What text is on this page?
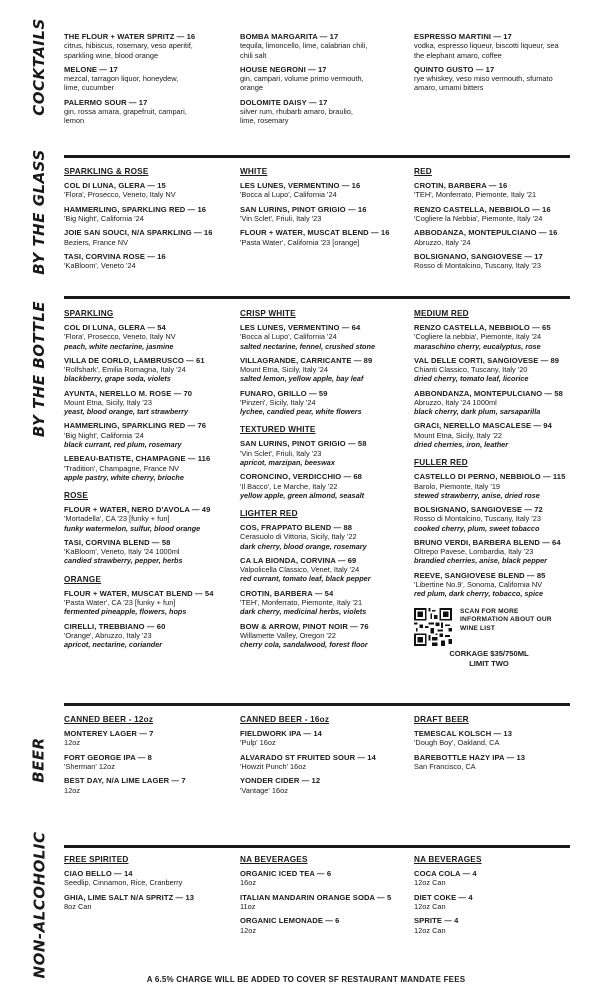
COCKTAILS THE FLOUR + WATER SPRITZ — 16
citrus, hibiscus, rosemary, veso aperitif,
sparkling wine, blood orange
MELONE — 17
mezcal, tarragon liquor, honeydew,
lime, cucumber
PALERMO SOUR — 17
gin, rossa amara, grapefruit, campari,
lemon
BOMBA MARGARITA — 17
tequila, limoncello, lime, calabrian chili,
chili salt
HOUSE NEGRONI — 17
gin, campari, volume primo vermouth,
orange
DOLOMITE DAISY — 17
silver rum, rhubarb amaro, braulio,
lime, rosemary
ESPRESSO MARTINI — 17
vodka, espresso liqueur, biscotti liqueur, sea
the elephant amaro, coffee
QUINTO GUSTO — 17
rye whiskey, veso miso vermouth, sfumato
amaro, umami bitters
BY THE GLASS SPARKLING & ROSE
COL DI LUNA, GLERA — 15
'Flora', Prosecco, Veneto, Italy NV
HAMMERLING, SPARKLING RED — 16
'Big Night', California '24
JOIE SAN SOUCI, N/A SPARKLING — 16
Beziers, France NV
TASI, CORVINA ROSE — 16
'KaBloom', Veneto '24
WHITE
LES LUNES, VERMENTINO — 16
'Bocca al Lupo', California '24
SAN LURINS, PINOT GRIGIO — 16
'Vin Sclet', Friuli, Italy '23
FLOUR + WATER, MUSCAT BLEND — 16
'Pasta Water', California '23 [orange]
RED
CROTIN, BARBERA — 16
'TEH', Monferrato, Piemonte, Italy '21
RENZO CASTELLA, NEBBIOLO — 16
'Cogliere la Nebbia', Piemonte, Italy '24
ABBODANZA, MONTEPULCIANO — 16
Abruzzo, Italy '24
BOLSIGNANO, SANGIOVESE — 17
Rosso di Montalcino, Tuscany, Italy '23
BY THE BOTTLE SPARKLING
COL DI LUNA, GLERA — 54
'Flora', Prosecco, Veneto, Italy NV
peach, white nectarine, jasmine
VILLA DE CORLO, LAMBRUSCO — 61
'Rolfshark', Emilia Romagna, Italy '24
blackberry, grape soda, violets
AYUNTA, NERELLO M. ROSE — 70
Mount Etna, Sicily, Italy '23
yeast, blood orange, tart strawberry
HAMMERLING, SPARKLING RED — 76
'Big Night', California '24
black currant, red plum, rosemary
LEBEAU-BATISTE, CHAMPAGNE — 116
'Tradition', Champagne, France NV
apple pastry, white cherry, brioche
ROSE
FLOUR + WATER, NERO D'AVOLA — 49
'Mortadella', CA '23 [funky + fun]
funky watermelon, sulfur, blood orange
TASI, CORVINA BLEND — 58
'KaBloom', Veneto, Italy '24 1000ml
candied strawberry, pepper, herbs
ORANGE
FLOUR + WATER, MUSCAT BLEND — 54
'Pasta Water', CA '23 [funky + fun]
fermented pineapple, flowers, hops
CIRELLI, TREBBIANO — 60
'Orange', Abruzzo, Italy '23
apricot, nectarine, coriander
CRISP WHITE
LES LUNES, VERMENTINO — 64
'Bocca al Lupo', California '24
salted nectarine, fennel, crushed stone
VILLAGRANDE, CARRICANTE — 89
Mount Etna, Sicily, Italy '24
salted lemon, yellow apple, bay leaf
FUNARO, GRILLO — 59
'Pinzeri', Sicily, Italy '24
lychee, candied pear, white flowers
TEXTURED WHITE
SAN LURINS, PINOT GRIGIO — 58
'Vin Sclet', Friuli, Italy '23
apricot, marzipan, beeswax
CORONCINO, VERDICCHIO — 68
'Il Bacco', Le Marche, Italy '22
yellow apple, green almond, seasalt
LIGHTER RED
COS, FRAPPATO BLEND — 88
Cerasuolo di Vittoria, Sicily, Italy '22
dark cherry, blood orange, rosemary
CA LA BIONDA, CORVINA — 69
Valpolicella Classico, Venet, Italy '24
red currant, tomato leaf, black pepper
CROTIN, BARBERA — 54
'TEH', Monferrato, Piemonte, Italy '21
dark cherry, medicinal herbs, violets
BOW & ARROW, PINOT NOIR — 76
Willamette Valley, Oregon '22
cherry cola, sandalwood, forest floor
MEDIUM RED
RENZO CASTELLA, NEBBIOLO — 65
'Cogliere la nebbia', Piemonte, Italy '24
maraschino cherry, eucalyptus, rose
VAL DELLE CORTI, SANGIOVESE — 89
Chianti Classico, Tuscany, Italy '20
dried cherry, tomato leaf, licorice
ABBONDANZA, MONTEPULCIANO — 58
Abruzzo, Italy '24 1000ml
black cherry, dark plum, sarsaparilla
GRACI, NERELLO MASCALESE — 94
Mount Etna, Sicily, Italy '22
dried cherries, iron, leather
FULLER RED
CASTELLO DI PERNO, NEBBIOLO — 115
Barolo, Piemonte, Italy '19
stewed strawberry, anise, dried rose
BOLSIGNANO, SANGIOVESE — 72
Rosso di Montalcino, Tuscany, Italy '23
cooked cherry, plum, sweet tobacco
BRUNO VERDI, BARBERA BLEND — 64
Oltrepo Pavese, Lombardia, Italy '23
brandied cherries, anise, black pepper
REEVE, SANGIOVESE BLEND — 85
'Libertine No.9', Sonoma, California NV
red plum, dark cherry, tobacco, spice
SCAN FOR MORE INFORMATION ABOUT OUR WINE LIST
CORKAGE $35/750ML
LIMIT TWO
BEER
CANNED BEER - 12oz
MONTEREY LAGER — 7
12oz
FORT GEORGE IPA — 8
'Sherman' 12oz
BEST DAY, N/A LIME LAGER — 7
12oz
CANNED BEER - 16oz
FIELDWORK IPA — 14
'Pulp' 16oz
ALVARADO ST FRUITED SOUR — 14
'Howzit Punch' 16oz
YONDER CIDER — 12
'Vantage' 16oz
DRAFT BEER
TEMESCAL KOLSCH — 13
'Dough Boy', Oakland, CA
BAREBOTTLE HAZY IPA — 13
San Francisco, CA
NON-ALCOHOLIC FREE SPIRITED
CIAO BELLO — 14
Seedlip, Cinnamon, Rice, Cranberry
GHIA, LIME SALT N/A SPRITZ — 13
8oz Can
NA BEVERAGES
ORGANIC ICED TEA — 6
16oz
ITALIAN MANDARIN ORANGE SODA — 5
11oz
ORGANIC LEMONADE — 6
12oz
NA BEVERAGES
COCA COLA — 4
12oz Can
DIET COKE — 4
12oz Can
SPRITE — 4
12oz Can
A 6.5% CHARGE WILL BE ADDED TO COVER SF RESTAURANT MANDATE FEES
